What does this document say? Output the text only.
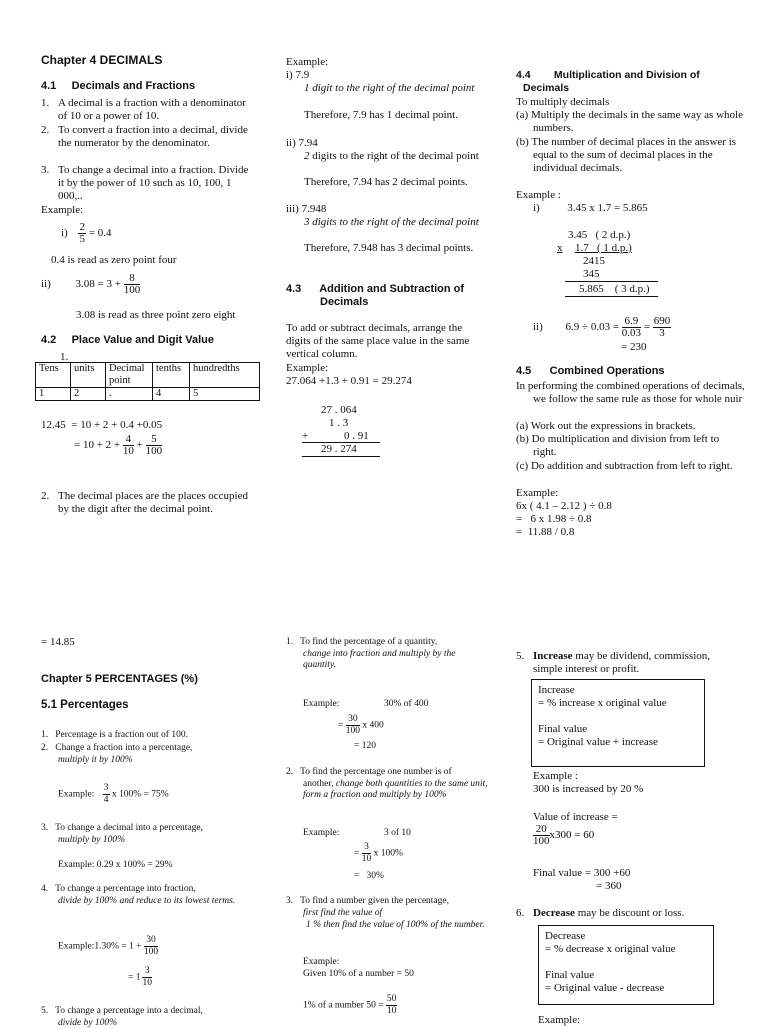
Chapter 4 DECIMALS
4.1     Decimals and Fractions
1. A decimal is a fraction with a denominator of 10 or a power of 10.
2. To convert a fraction into a decimal, divide the numerator by the denominator.
3. To change a decimal into a fraction. Divide it by the power of 10 such as 10, 100, 1 000,..
Example:
$i) \frac{2}{5} = 0.4$
0.4 is read as zero point four
ii) $3.08 = 3 + \frac{8}{100}$
3.08 is read as three point zero eight
4.2     Place Value and Digit Value
1.
Tens	units	Decimal point	tenths	hundredths
1	2	.	4	5
12.45  = 10 + 2 + 0.4 +0.05
= $10 + 2 + \frac{4}{10} + \frac{5}{100}$
2. The decimal places are the places occupied by the digit after the decimal point.
Example:
i) 7.9
1 digit to the right of the decimal point
Therefore, 7.9 has 1 decimal point.
ii) 7.94
2 digits to the right of the decimal point
Therefore, 7.94 has 2 decimal points.
iii) 7.948
3 digits to the right of the decimal point
Therefore, 7.948 has 3 decimal points.
4.3      Addition and Subtraction of
Decimals
To add or subtract decimals, arrange the digits of the same place value in the same vertical column.
Example:
27.064 +1.3 + 0.91 = 29.274
27 . 064
1 . 3
+	0 . 91
29 . 274
4.4        Multiplication and Division of
Decimals
To multiply decimals
(a) Multiply the decimals in the same way as whole numbers.
(b) The number of decimal places in the answer is equal to the sum of decimal places in the individual decimals.
Example :
i)          3.45 x 1.7 = 5.865
3.45   ( 2 d.p.)
x 1.7   ( 1 d.p.)
2415
345
5.865    ( 3 d.p.)
ii) $6.9 \div 0.03 = \frac{6.9}{0.03} = \frac{690}{3}$
= 230
4.5      Combined Operations
In performing the combined operations of decimals, we follow the same rule as those for whole nuir
(a) Work out the expressions in brackets.
(b) Do multiplication and division from left to right.
(c) Do addition and subtraction from left to right.
Example:
6x ( 4.1 – 2.12 ) ÷ 0.8
=   6 x 1.98 ÷ 0.8
=  11.88 / 0.8
= 14.85
Chapter 5 PERCENTAGES (%)
5.1 Percentages
1.   Percentage is a fraction out of 100.
2.   Change a fraction into a percentage,
multiply it by 100%
Example: $\frac{3}{4}$ x 100% = 75%
3.   To change a decimal into a percentage,
multiply by 100%
Example: 0.29 x 100% = 29%
4.   To change a percentage into fraction,
divide by 100% and reduce to its lowest terms.
Example:1.30% = $1 + \frac{30}{100}$
= $1 \frac{3}{10}$
5.   To change a percentage into a decimal,
divide by 100%
1.   To find the percentage of a quantity,
change into fraction and multiply by the quantity.
Example:	30% of 400
= $\frac{30}{100}$ x 400
= 120
2.   To find the percentage one number is of
another, change both quantities to the same unit, form a fraction and multiply by 100%
Example:	3 of 10
= $\frac{3}{10}$ x 100%
=   30%
3.   To find a number given the percentage,
first find the value of
1 % then find the value of 100% of the number.
Example:
Given 10% of a number = 50
1% of a number $50 = \frac{50}{10}$
5. Increase may be dividend, commission, simple interest or profit.
Increase
= % increase x original value
Final value
= Original value + increase
Example :
300 is increased by 20 %
Value of increase =
$\frac{20}{100} x300 = 60$
Final value = 300 +60
= 360
6. Decrease may be discount or loss.
Decrease
= % decrease x original value
Final value
= Original value - decrease
Example:
